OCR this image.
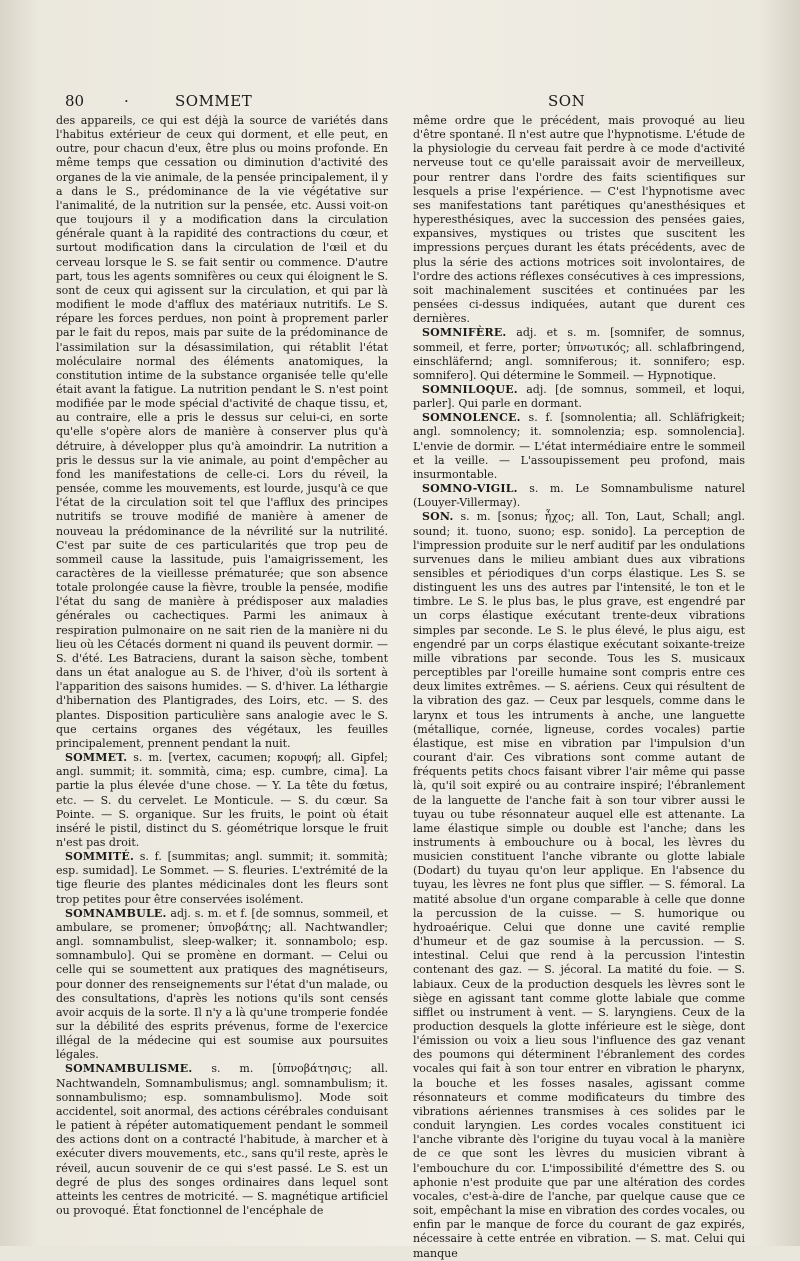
80	·	SOMMET	SON

des appareils, ce qui est déjà la source de variétés dans l'habitus extérieur de ceux qui dorment, et elle peut, en outre, pour chacun d'eux, être plus ou moins profonde. En même temps que cessation ou diminution d'activité des organes de la vie animale, de la pensée principalement, il y a dans le S., prédominance de la vie végétative sur l'animalité, de la nutrition sur la pensée, etc. Aussi voit-on que toujours il y a modification dans la circulation générale quant à la rapidité des contractions du cœur, et surtout modification dans la circulation de l'œil et du cerveau lorsque le S. se fait sentir ou commence. D'autre part, tous les agents somnifères ou ceux qui éloignent le S. sont de ceux qui agissent sur la circulation, et qui par là modifient le mode d'afflux des matériaux nutritifs. Le S. répare les forces perdues, non point à proprement parler par le fait du repos, mais par suite de la prédominance de l'assimilation sur la désassimilation, qui rétablit l'état moléculaire normal des éléments anatomiques, la constitution intime de la substance organisée telle qu'elle était avant la fatigue. La nutrition pendant le S. n'est point modifiée par le mode spécial d'activité de chaque tissu, et, au contraire, elle a pris le dessus sur celui-ci, en sorte qu'elle s'opère alors de manière à conserver plus qu'à détruire, à développer plus qu'à amoindrir. La nutrition a pris le dessus sur la vie animale, au point d'empêcher au fond les manifestations de celle-ci. Lors du réveil, la pensée, comme les mouvements, est lourde, jusqu'à ce que l'état de la circulation soit tel que l'afflux des principes nutritifs se trouve modifié de manière à amener de nouveau la prédominance de la névrilité sur la nutrilité. C'est par suite de ces particularités que trop peu de sommeil cause la lassitude, puis l'amaigrissement, les caractères de la vieillesse prématurée; que son absence totale prolongée cause la fièvre, trouble la pensée, modifie l'état du sang de manière à prédisposer aux maladies générales ou cachectiques. Parmi les animaux à respiration pulmonaire on ne sait rien de la manière ni du lieu où les Cétacés dorment ni quand ils peuvent dormir. — S. d'été. Les Batraciens, durant la saison sèche, tombent dans un état analogue au S. de l'hiver, d'où ils sortent à l'apparition des saisons humides. — S. d'hiver. La léthargie d'hibernation des Plantigrades, des Loirs, etc. — S. des plantes. Disposition particulière sans analogie avec le S. que certains organes des végétaux, les feuilles principalement, prennent pendant la nuit.

SOMMET. s. m. [vertex, cacumen; κορυφή; all. Gipfel; angl. summit; it. sommità, cima; esp. cumbre, cima]. La partie la plus élevée d'une chose. — Y. La tête du fœtus, etc. — S. du cervelet. Le Monticule. — S. du cœur. Sa Pointe. — S. organique. Sur les fruits, le point où était inséré le pistil, distinct du S. géométrique lorsque le fruit n'est pas droit.

SOMMITÉ. s. f. [summitas; angl. summit; it. sommità; esp. sumidad]. Le Sommet. — S. fleuries. L'extrémité de la tige fleurie des plantes médicinales dont les fleurs sont trop petites pour être conservées isolément.

SOMNAMBULE. adj. s. m. et f. [de somnus, sommeil, et ambulare, se promener; ὑπνοβάτης; all. Nachtwandler; angl. somnambulist, sleep-walker; it. sonnambolo; esp. somnambulo]. Qui se promène en dormant. — Celui ou celle qui se soumettent aux pratiques des magnétiseurs, pour donner des renseignements sur l'état d'un malade, ou des consultations, d'après les notions qu'ils sont censés avoir acquis de la sorte. Il n'y a là qu'une tromperie fondée sur la débilité des esprits prévenus, forme de l'exercice illégal de la médecine qui est soumise aux poursuites légales.

SOMNAMBULISME. s. m. [ὑπνοβάτησις; all. Nachtwandeln, Somnambulismus; angl. somnambulism; it. sonnambulismo; esp. somnambulismo]. Mode soit accidentel, soit anormal, des actions cérébrales conduisant le patient à répéter automatiquement pendant le sommeil des actions dont on a contracté l'habitude, à marcher et à exécuter divers mouvements, etc., sans qu'il reste, après le réveil, aucun souvenir de ce qui s'est passé. Le S. est un degré de plus des songes ordinaires dans lequel sont atteints les centres de motricité. — S. magnétique artificiel ou provoqué. État fonctionnel de l'encéphale de

même ordre que le précédent, mais provoqué au lieu d'être spontané. Il n'est autre que l'hypnotisme. L'étude de la physiologie du cerveau fait perdre à ce mode d'activité nerveuse tout ce qu'elle paraissait avoir de merveilleux, pour rentrer dans l'ordre des faits scientifiques sur lesquels a prise l'expérience. — C'est l'hypnotisme avec ses manifestations tant parétiques qu'anesthésiques et hyperesthésiques, avec la succession des pensées gaies, expansives, mystiques ou tristes que suscitent les impressions perçues durant les états précédents, avec de plus la série des actions motrices soit involontaires, de l'ordre des actions réflexes consécutives à ces impressions, soit machinalement suscitées et continuées par les pensées ci-dessus indiquées, autant que durent ces dernières.

SOMNIFÈRE. adj. et s. m. [somnifer, de somnus, sommeil, et ferre, porter; ὑπνωτικός; all. schlafbringend, einschläfernd; angl. somniferous; it. sonnifero; esp. somnifero]. Qui détermine le Sommeil. — Hypnotique.

SOMNILOQUE. adj. [de somnus, sommeil, et loqui, parler]. Qui parle en dormant.

SOMNOLENCE. s. f. [somnolentia; all. Schläfrigkeit; angl. somnolency; it. somnolenzia; esp. somnolencia]. L'envie de dormir. — L'état intermédiaire entre le sommeil et la veille. — L'assoupissement peu profond, mais insurmontable.

SOMNO-VIGIL. s. m. Le Somnambulisme naturel (Louyer-Villermay).

SON. s. m. [sonus; ἦχος; all. Ton, Laut, Schall; angl. sound; it. tuono, suono; esp. sonido]. La perception de l'impression produite sur le nerf auditif par les ondulations survenues dans le milieu ambiant dues aux vibrations sensibles et périodiques d'un corps élastique. Les S. se distinguent les uns des autres par l'intensité, le ton et le timbre. Le S. le plus bas, le plus grave, est engendré par un corps élastique exécutant trente-deux vibrations simples par seconde. Le S. le plus élevé, le plus aigu, est engendré par un corps élastique exécutant soixante-treize mille vibrations par seconde. Tous les S. musicaux perceptibles par l'oreille humaine sont compris entre ces deux limites extrêmes. — S. aériens. Ceux qui résultent de la vibration des gaz. — Ceux par lesquels, comme dans le larynx et tous les intruments à anche, une languette (métallique, cornée, ligneuse, cordes vocales) partie élastique, est mise en vibration par l'impulsion d'un courant d'air. Ces vibrations sont comme autant de fréquents petits chocs faisant vibrer l'air même qui passe là, qu'il soit expiré ou au contraire inspiré; l'ébranlement de la languette de l'anche fait à son tour vibrer aussi le tuyau ou tube résonnateur auquel elle est attenante. La lame élastique simple ou double est l'anche; dans les instruments à embouchure ou à bocal, les lèvres du musicien constituent l'anche vibrante ou glotte labiale (Dodart) du tuyau qu'on leur applique. En l'absence du tuyau, les lèvres ne font plus que siffler. — S. fémoral. La matité absolue d'un organe comparable à celle que donne la percussion de la cuisse. — S. humorique ou hydroaérique. Celui que donne une cavité remplie d'humeur et de gaz soumise à la percussion. — S. intestinal. Celui que rend à la percussion l'intestin contenant des gaz. — S. jécoral. La matité du foie. — S. labiaux. Ceux de la production desquels les lèvres sont le siège en agissant tant comme glotte labiale que comme sifflet ou instrument à vent. — S. laryngiens. Ceux de la production desquels la glotte inférieure est le siège, dont l'émission ou voix a lieu sous l'influence des gaz venant des poumons qui déterminent l'ébranlement des cordes vocales qui fait à son tour entrer en vibration le pharynx, la bouche et les fosses nasales, agissant comme résonnateurs et comme modificateurs du timbre des vibrations aériennes transmises à ces solides par le conduit laryngien. Les cordes vocales constituent ici l'anche vibrante dès l'origine du tuyau vocal à la manière de ce que sont les lèvres du musicien vibrant à l'embouchure du cor. L'impossibilité d'émettre des S. ou aphonie n'est produite que par une altération des cordes vocales, c'est-à-dire de l'anche, par quelque cause que ce soit, empêchant la mise en vibration des cordes vocales, ou enfin par le manque de force du courant de gaz expirés, nécessaire à cette entrée en vibration. — S. mat. Celui qui manque
